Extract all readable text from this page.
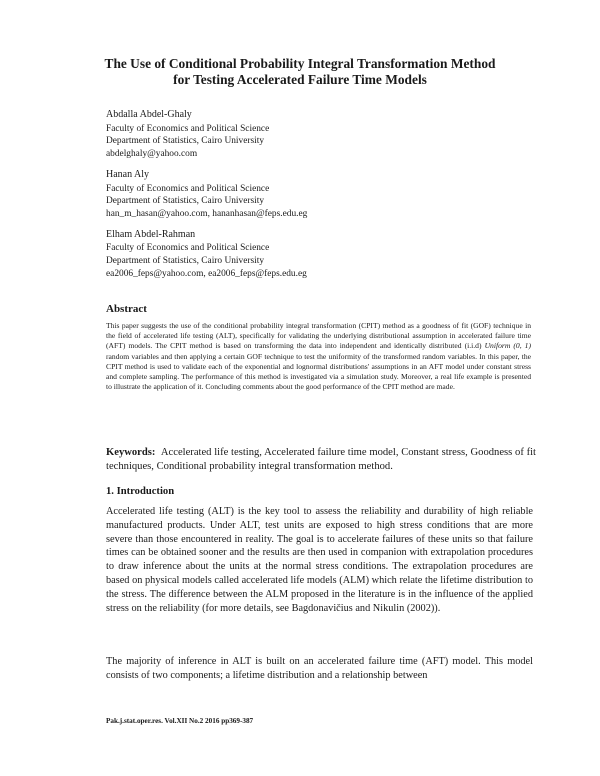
The Use of Conditional Probability Integral Transformation Method
for Testing Accelerated Failure Time Models
Abdalla Abdel-Ghaly
Faculty of Economics and Political Science
Department of Statistics, Cairo University
abdelghaly@yahoo.com
Hanan Aly
Faculty of Economics and Political Science
Department of Statistics, Cairo University
han_m_hasan@yahoo.com, hananhasan@feps.edu.eg
Elham Abdel-Rahman
Faculty of Economics and Political Science
Department of Statistics, Cairo University
ea2006_feps@yahoo.com, ea2006_feps@feps.edu.eg
Abstract
This paper suggests the use of the conditional probability integral transformation (CPIT) method as a goodness of fit (GOF) technique in the field of accelerated life testing (ALT), specifically for validating the underlying distributional assumption in accelerated failure time (AFT) models. The CPIT method is based on transforming the data into independent and identically distributed (i.i.d) Uniform (0, 1) random variables and then applying a certain GOF technique to test the uniformity of the transformed random variables. In this paper, the CPIT method is used to validate each of the exponential and lognormal distributions' assumptions in an AFT model under constant stress and complete sampling. The performance of this method is investigated via a simulation study. Moreover, a real life example is presented to illustrate the application of it. Concluding comments about the good performance of the CPIT method are made.
Keywords: Accelerated life testing, Accelerated failure time model, Constant stress, Goodness of fit techniques, Conditional probability integral transformation method.
1. Introduction
Accelerated life testing (ALT) is the key tool to assess the reliability and durability of high reliable manufactured products. Under ALT, test units are exposed to high stress conditions that are more severe than those encountered in reality. The goal is to accelerate failures of these units so that failure times can be obtained sooner and the results are then used in companion with extrapolation procedures to draw inference about the units at the normal stress conditions. The extrapolation procedures are based on physical models called accelerated life models (ALM) which relate the lifetime distribution to the stress. The difference between the ALM proposed in the literature is in the influence of the applied stress on the reliability (for more details, see Bagdonavičius and Nikulin (2002)).
The majority of inference in ALT is built on an accelerated failure time (AFT) model. This model consists of two components; a lifetime distribution and a relationship between
Pak.j.stat.oper.res. Vol.XII No.2 2016 pp369-387
